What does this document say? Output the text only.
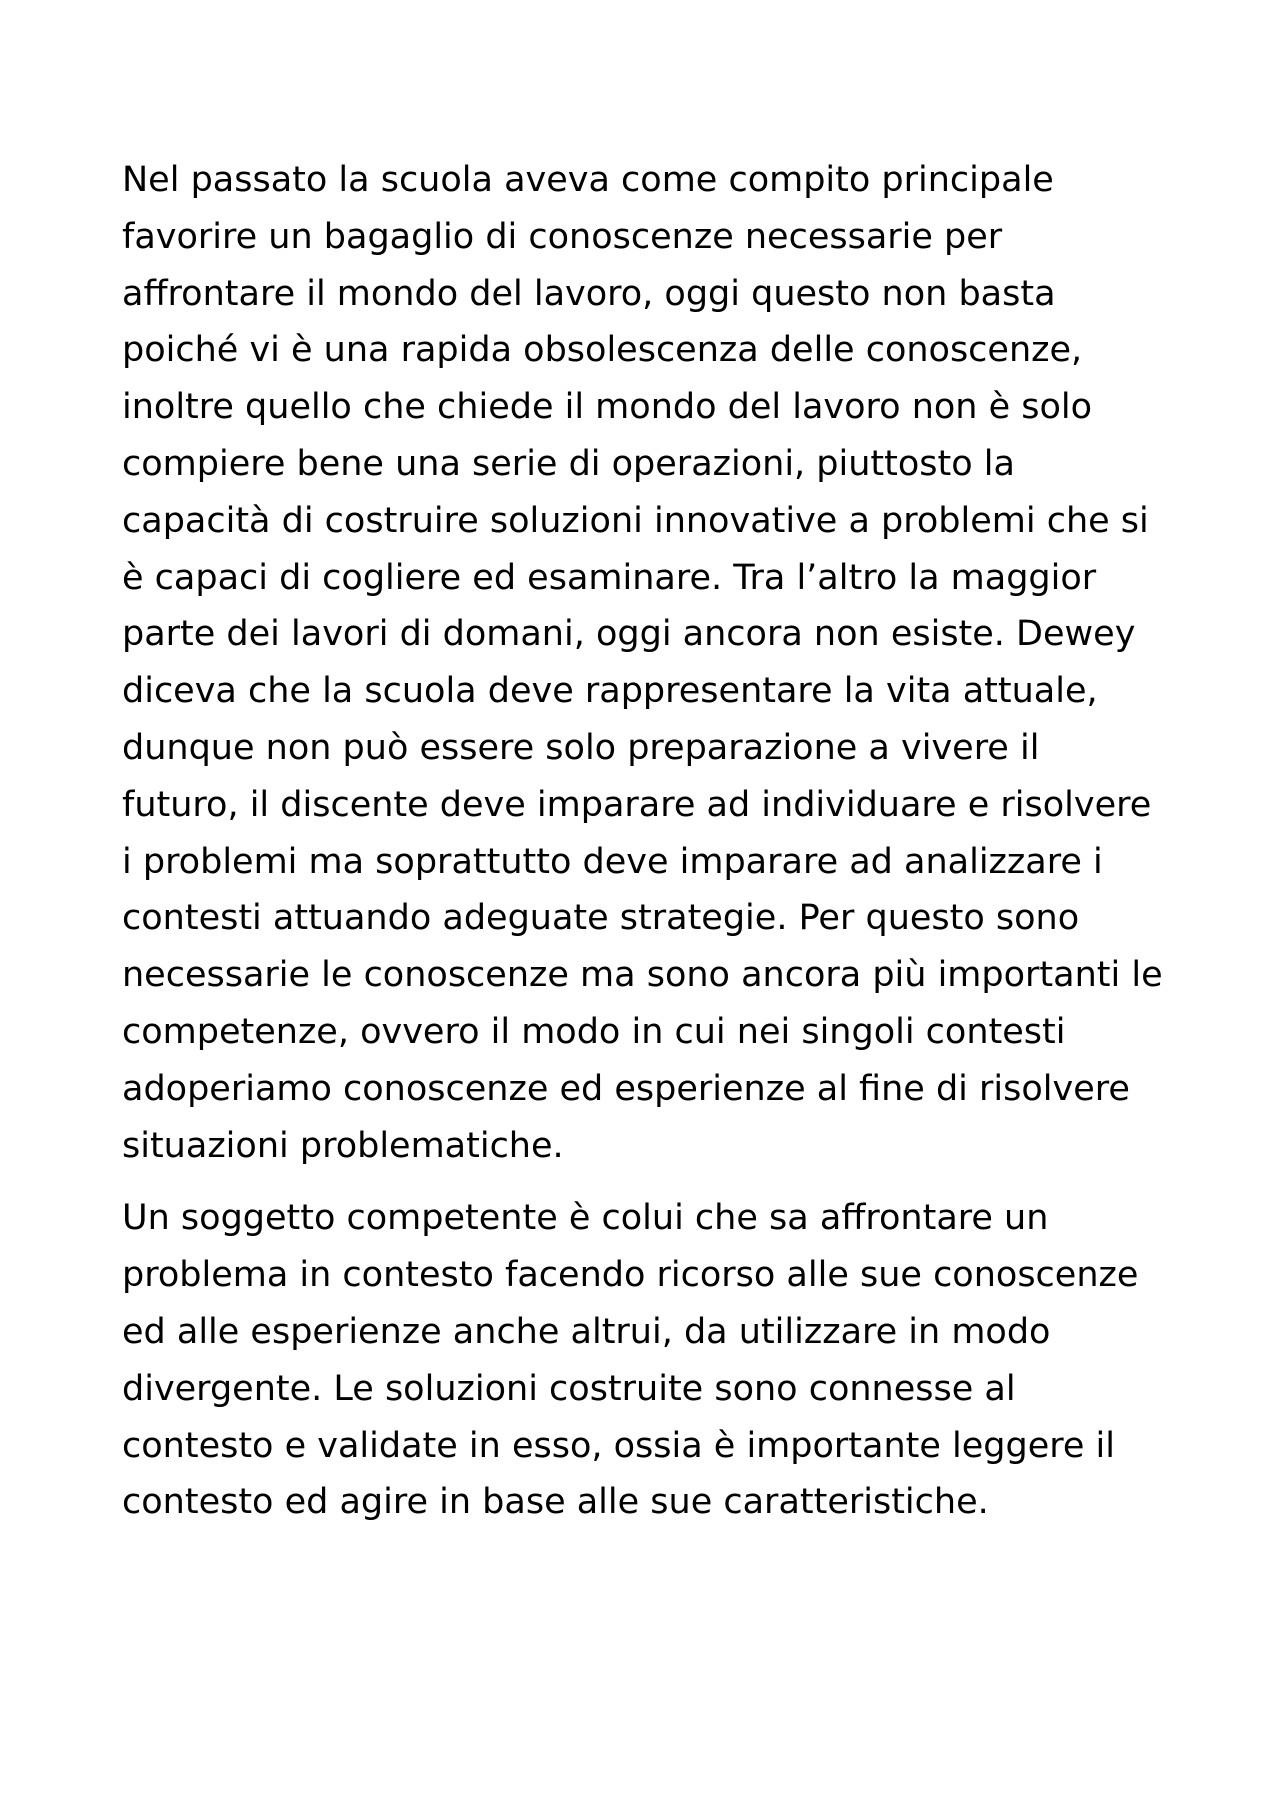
Nel passato la scuola aveva come compito principale
favorire un bagaglio di conoscenze necessarie per
affrontare il mondo del lavoro, oggi questo non basta
poiché vi è una rapida obsolescenza delle conoscenze,
inoltre quello che chiede il mondo del lavoro non è solo
compiere bene una serie di operazioni, piuttosto la
capacità di costruire soluzioni innovative a problemi che si
è capaci di cogliere ed esaminare. Tra l’altro la maggior
parte dei lavori di domani, oggi ancora non esiste. Dewey
diceva che la scuola deve rappresentare la vita attuale,
dunque non può essere solo preparazione a vivere il
futuro, il discente deve imparare ad individuare e risolvere
i problemi ma soprattutto deve imparare ad analizzare i
contesti attuando adeguate strategie. Per questo sono
necessarie le conoscenze ma sono ancora più importanti le
competenze, ovvero il modo in cui nei singoli contesti
adoperiamo conoscenze ed esperienze al fine di risolvere
situazioni problematiche.
Un soggetto competente è colui che sa affrontare un
problema in contesto facendo ricorso alle sue conoscenze
ed alle esperienze anche altrui, da utilizzare in modo
divergente. Le soluzioni costruite sono connesse al
contesto e validate in esso, ossia è importante leggere il
contesto ed agire in base alle sue caratteristiche.
